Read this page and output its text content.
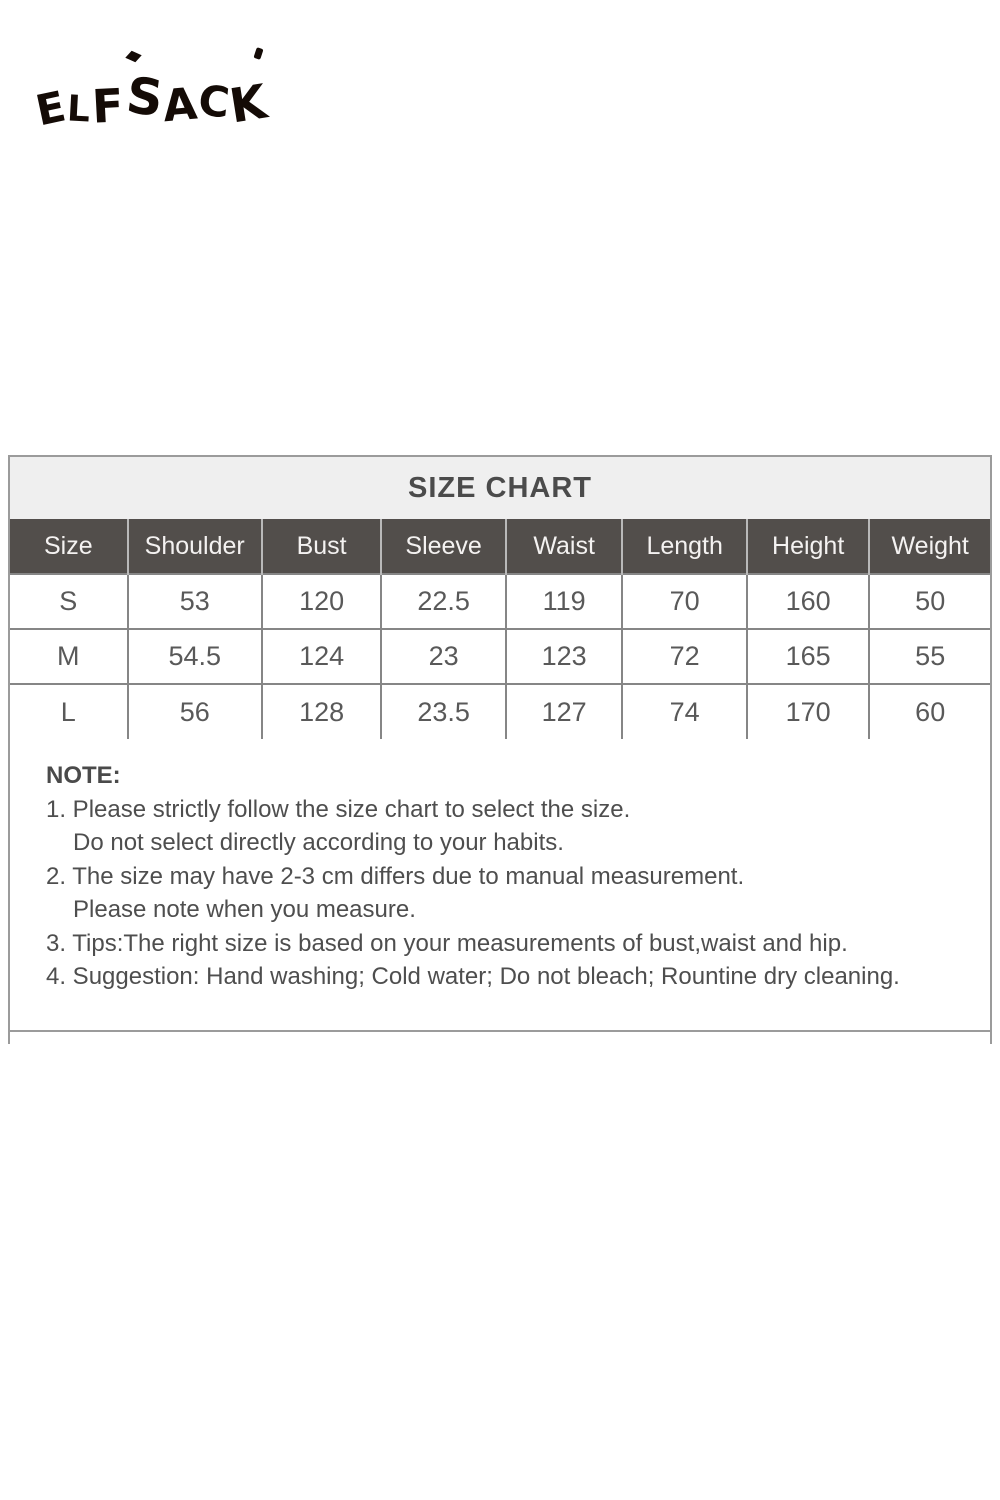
E
L F
S
A
C
K
SIZE CHART
Size	Shoulder	Bust	Sleeve	Waist	Length	Height	Weight
S	53	120	22.5	119	70	160	50
M	54.5	124	23	123	72	165	55
L	56	128	23.5	127	74	170	60
NOTE:
1. Please strictly follow the size chart to select the size.
Do not select directly according to your habits.
2. The size may have 2-3 cm differs due to manual measurement.
Please note when you measure.
3. Tips:The right size is based on your measurements of bust,waist and hip.
4. Suggestion: Hand washing; Cold water; Do not bleach; Rountine dry cleaning.
